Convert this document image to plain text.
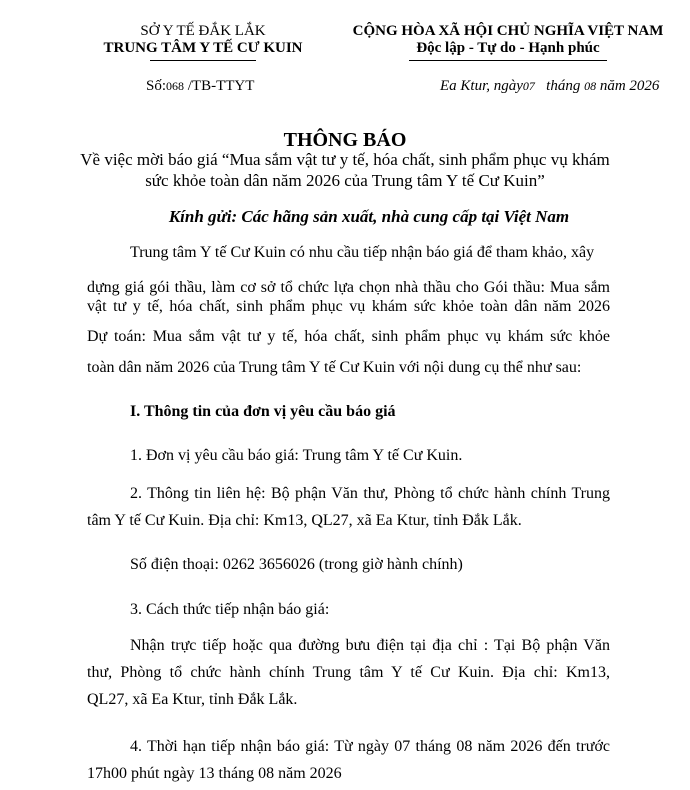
SỞ Y TẾ ĐẮK LẮK
TRUNG TÂM Y TẾ CƯ KUIN
CỘNG HÒA XÃ HỘI CHỦ NGHĨA VIỆT NAM
Độc lập - Tự do - Hạnh phúc
Số:068 /TB-TTYT	Ea Ktur, ngày07 tháng 08 năm 2026
THÔNG BÁO
Về việc mời báo giá “Mua sắm vật tư y tế, hóa chất, sinh phẩm phục vụ khám
sức khỏe toàn dân năm 2026 của Trung tâm Y tế Cư Kuin”
Kính gửi: Các hãng sản xuất, nhà cung cấp tại Việt Nam
Trung tâm Y tế Cư Kuin có nhu cầu tiếp nhận báo giá để tham khảo, xây
dựng giá gói thầu, làm cơ sở tổ chức lựa chọn nhà thầu cho Gói thầu: Mua sắm
vật tư y tế, hóa chất, sinh phẩm phục vụ khám sức khỏe toàn dân năm 2026
Dự toán: Mua sắm vật tư y tế, hóa chất, sinh phẩm phục vụ khám sức khỏe
toàn dân năm 2026 của Trung tâm Y tế Cư Kuin với nội dung cụ thể như sau:
I. Thông tin của đơn vị yêu cầu báo giá
1. Đơn vị yêu cầu báo giá: Trung tâm Y tế Cư Kuin.
2. Thông tin liên hệ: Bộ phận Văn thư, Phòng tổ chức hành chính Trung
tâm Y tế Cư Kuin. Địa chỉ: Km13, QL27, xã Ea Ktur, tỉnh Đắk Lắk.
Số điện thoại: 0262 3656026 (trong giờ hành chính)
3. Cách thức tiếp nhận báo giá:
Nhận trực tiếp hoặc qua đường bưu điện tại địa chỉ : Tại Bộ phận Văn
thư, Phòng tổ chức hành chính Trung tâm Y tế Cư Kuin. Địa chỉ: Km13,
QL27, xã Ea Ktur, tỉnh Đắk Lắk.
4. Thời hạn tiếp nhận báo giá: Từ ngày 07 tháng 08 năm 2026 đến trước
17h00 phút ngày 13 tháng 08 năm 2026
